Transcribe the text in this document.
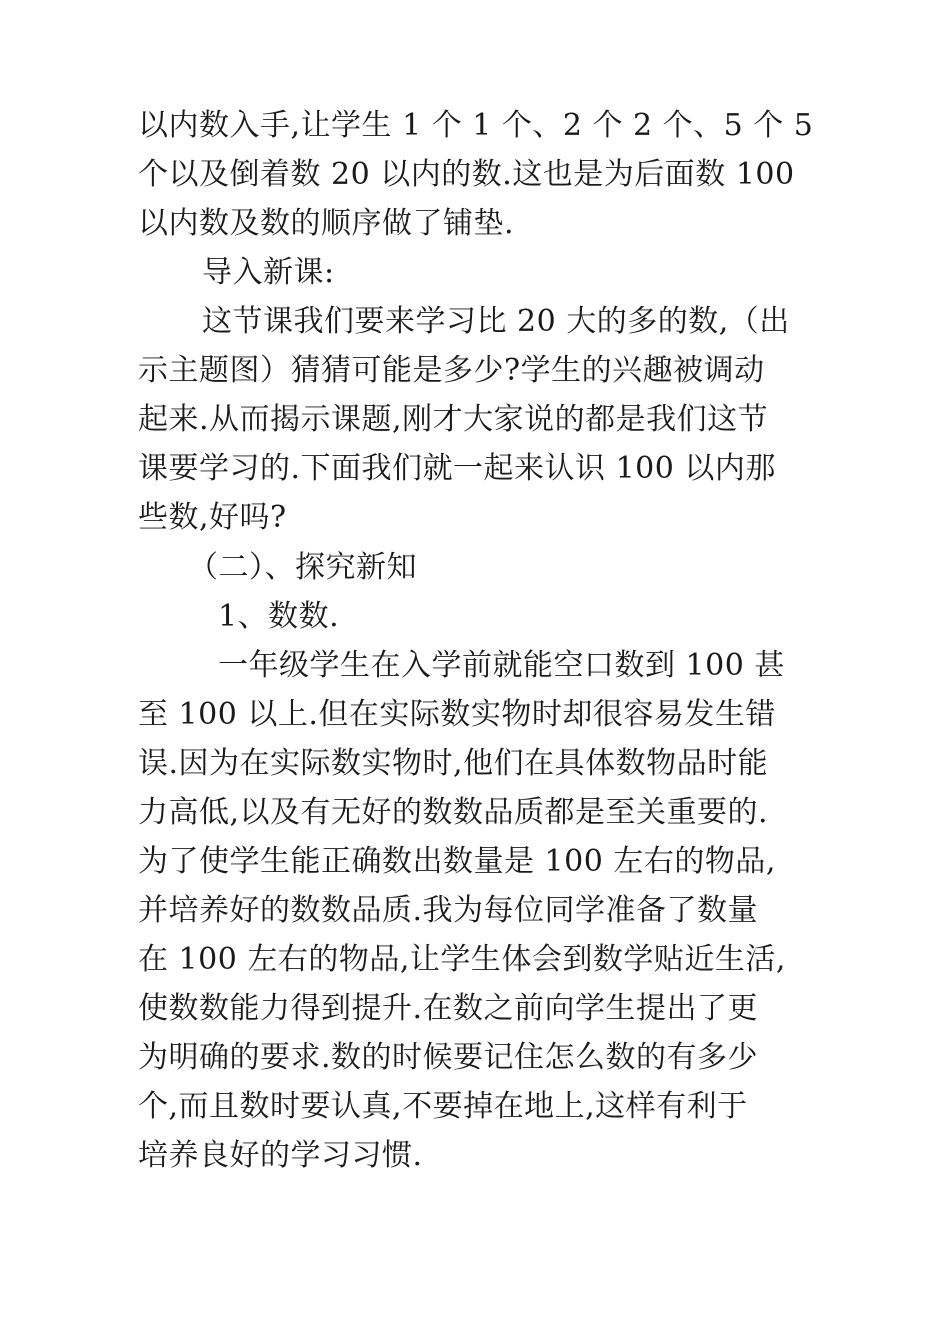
以内数入手,让学生 1 个 1 个、2 个 2 个、5 个 5
个以及倒着数 20 以内的数.这也是为后面数 100
以内数及数的顺序做了铺垫.
导入新课:
这节课我们要来学习比 20 大的多的数,（出
示主题图）猜猜可能是多少?学生的兴趣被调动
起来.从而揭示课题,刚才大家说的都是我们这节
课要学习的.下面我们就一起来认识 100 以内那
些数,好吗?
（二）、探究新知
1、数数.
一年级学生在入学前就能空口数到 100 甚
至 100 以上.但在实际数实物时却很容易发生错
误.因为在实际数实物时,他们在具体数物品时能
力高低,以及有无好的数数品质都是至关重要的.
为了使学生能正确数出数量是 100 左右的物品,
并培养好的数数品质.我为每位同学准备了数量
在 100 左右的物品,让学生体会到数学贴近生活,
使数数能力得到提升.在数之前向学生提出了更
为明确的要求.数的时候要记住怎么数的有多少
个,而且数时要认真,不要掉在地上,这样有利于
培养良好的学习习惯.
